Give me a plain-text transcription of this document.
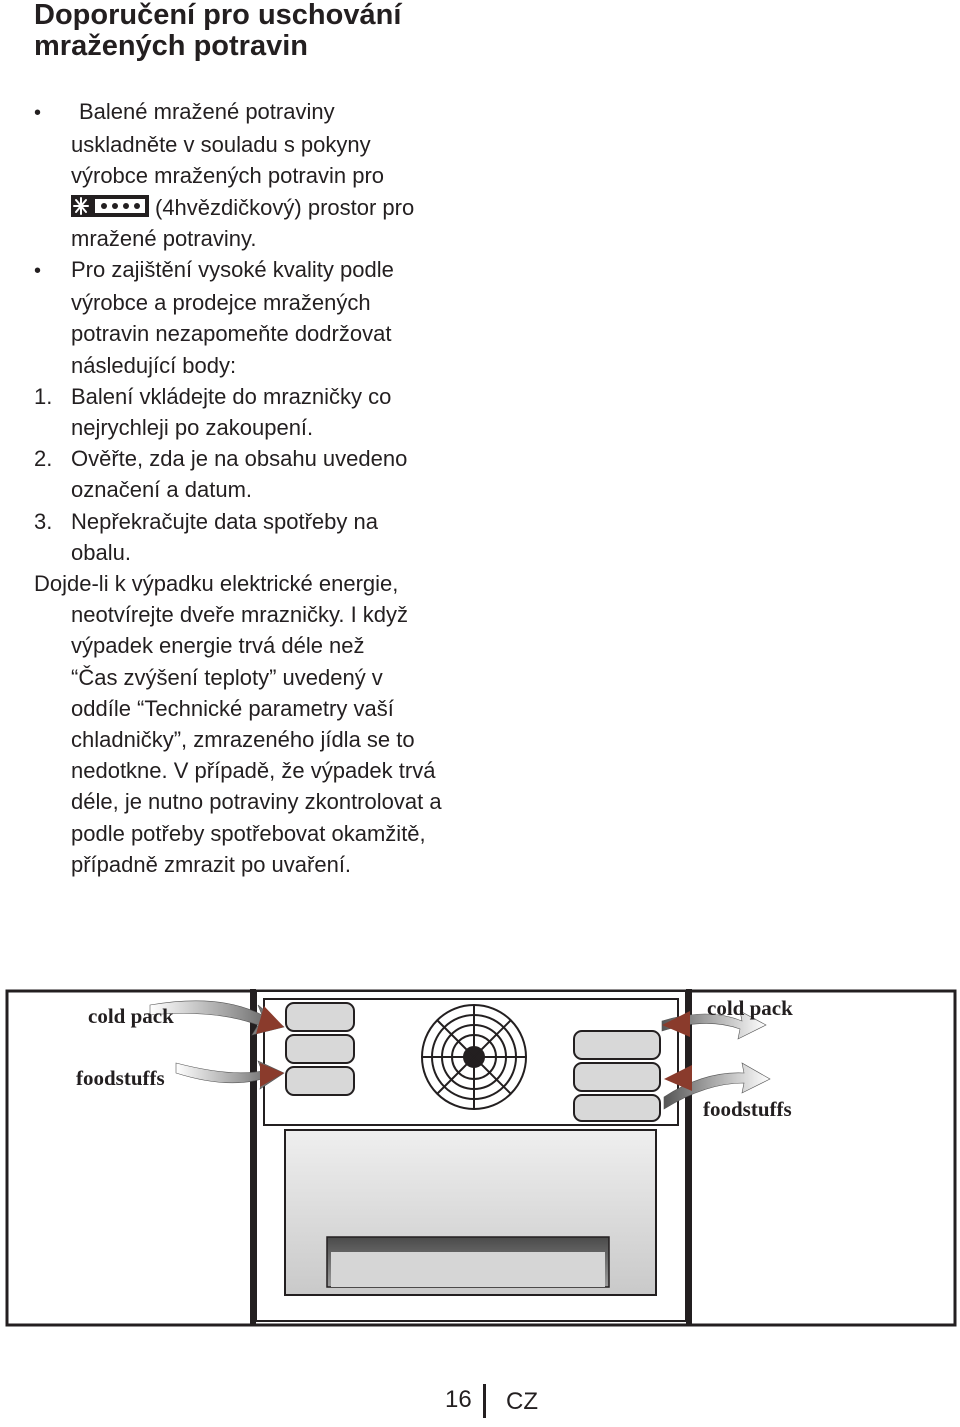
Doporučení pro uschování
mražených potravin
• Balené mražené potraviny
uskladněte v souladu s pokyny
výrobce mražených potravin pro
(4hvězdičkový) prostor pro
mražené potraviny.
• Pro zajištění vysoké kvality podle
výrobce a prodejce mražených
potravin nezapomeňte dodržovat
následující body:
1. Balení vkládejte do mrazničky co
nejrychleji po zakoupení.
2. Ověřte, zda je na obsahu uvedeno
označení a datum.
3. Nepřekračujte data spotřeby na
obalu.
Dojde-li k výpadku elektrické energie,
neotvírejte dveře mrazničky. I když
výpadek energie trvá déle než
“Čas zvýšení teploty” uvedený v
oddíle “Technické parametry vaší
chladničky”, zmrazeného jídla se to
nedotkne. V případě, že výpadek trvá
déle, je nutno potraviny zkontrolovat a
podle potřeby spotřebovat okamžitě,
případně zmrazit po uvaření.
cold pack
foodstuffs
cold pack
foodstuffs
16 CZ
